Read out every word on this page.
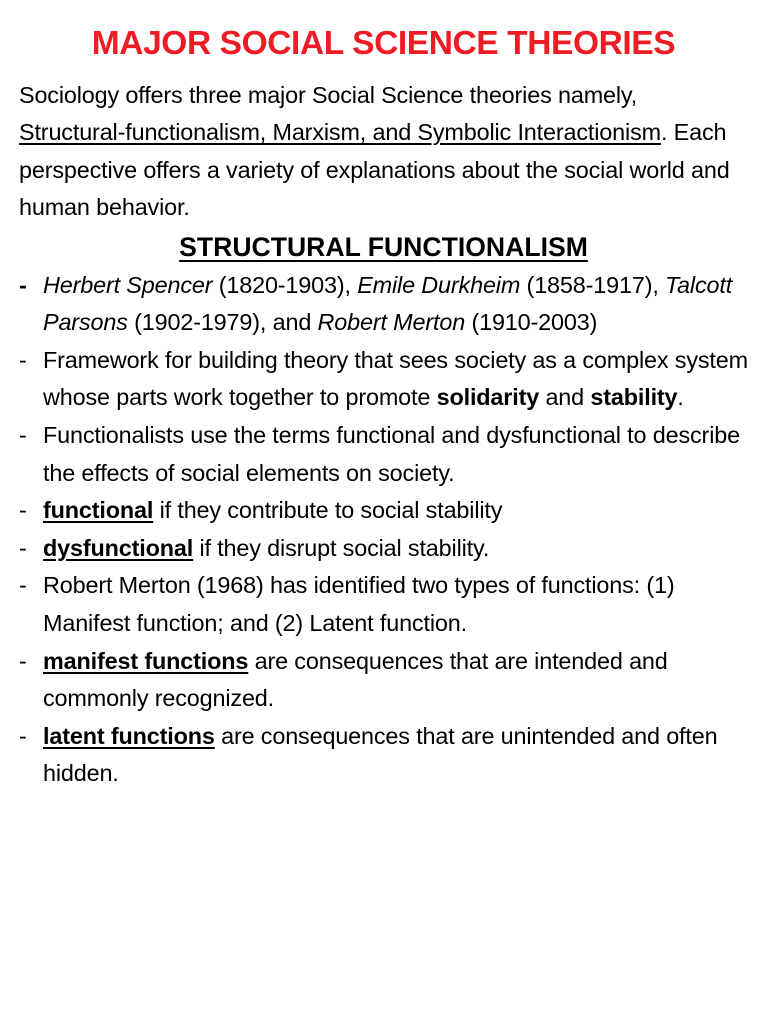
MAJOR SOCIAL SCIENCE THEORIES

Sociology offers three major Social Science theories namely, Structural-functionalism, Marxism, and Symbolic Interactionism. Each perspective offers a variety of explanations about the social world and human behavior.

STRUCTURAL FUNCTIONALISM
- Herbert Spencer (1820-1903), Emile Durkheim (1858-1917), Talcott Parsons (1902-1979), and Robert Merton (1910-2003)
- Framework for building theory that sees society as a complex system whose parts work together to promote solidarity and stability.
- Functionalists use the terms functional and dysfunctional to describe the effects of social elements on society.
- functional if they contribute to social stability
- dysfunctional if they disrupt social stability.
- Robert Merton (1968) has identified two types of functions: (1) Manifest function; and (2) Latent function.
- manifest functions are consequences that are intended and commonly recognized.
- latent functions are consequences that are unintended and often hidden.
